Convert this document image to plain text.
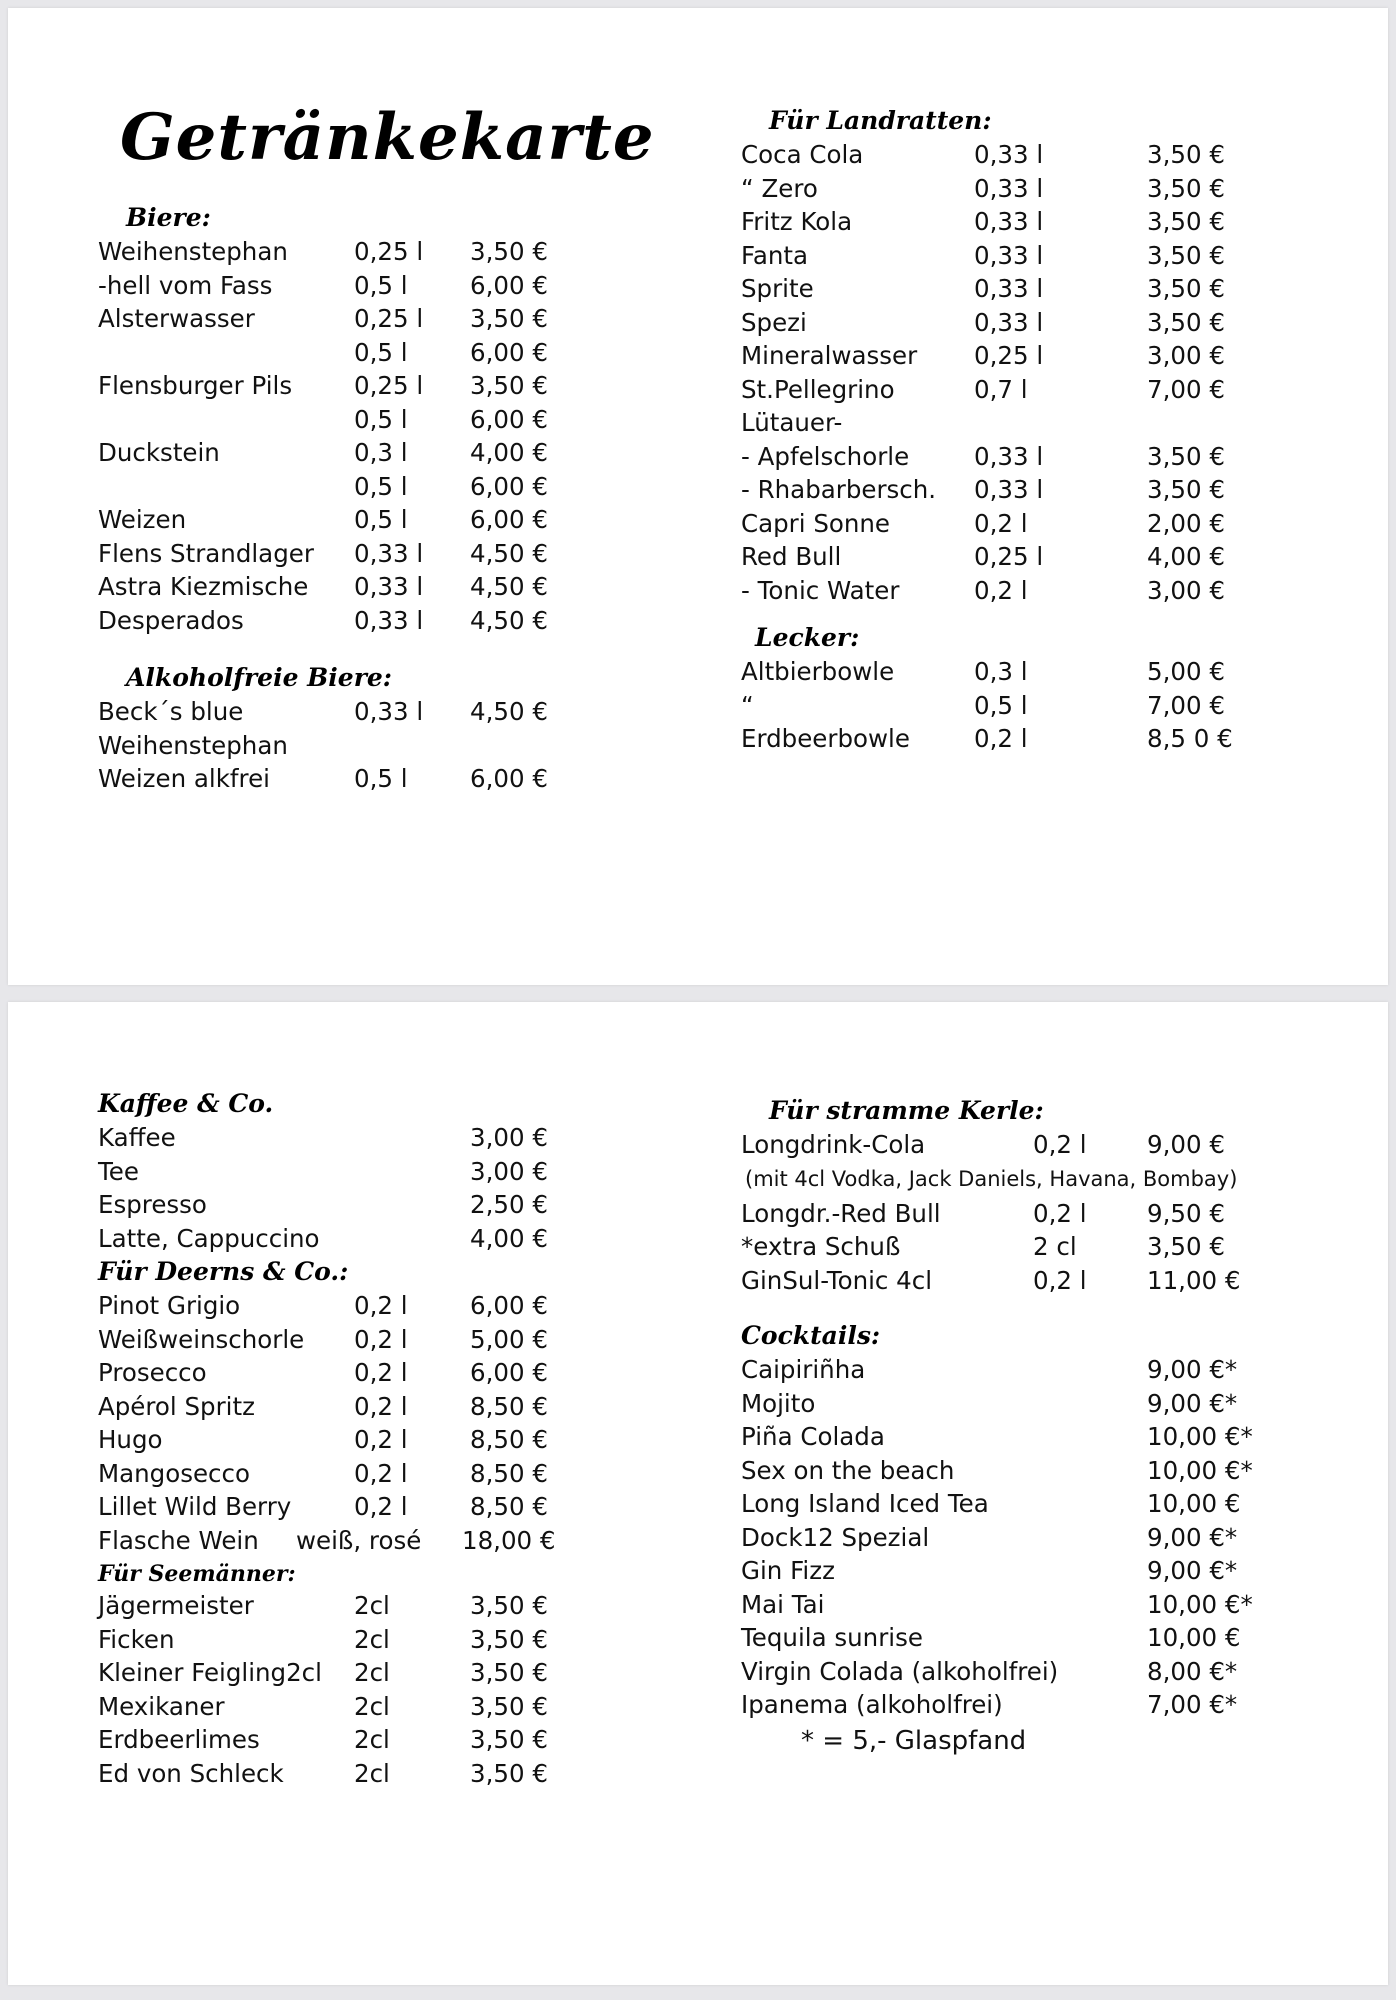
Getränkekarte
Biere:
Weihenstephan	0,25 l 3,50 €
-hell vom Fass	0,5 l	6,00 €
Alsterwasser	0,25 l 3,50 €
0,5 l	6,00 €
Flensburger Pils	0,25 l 3,50 €
0,5 l	6,00 €
Duckstein	0,3 l	4,00 €
0,5 l	6,00 €
Weizen	0,5 l	6,00 €
Flens Strandlager 0,33 l 4,50 €
Astra Kiezmische 0,33 l 4,50 €
Desperados	0,33 l 4,50 €
Alkoholfreie Biere:
Beck´s blue	0,33 l 4,50 €
Weihenstephan
Weizen alkfrei	0,5 l	6,00 €
Für Landratten:
Coca Cola	0,33 l	3,50 €
“ Zero	0,33 l	3,50 €
Fritz Kola	0,33 l	3,50 €
Fanta	0,33 l	3,50 €
Sprite	0,33 l	3,50 €
Spezi	0,33 l	3,50 €
Mineralwasser 0,25 l	3,00 €
St.Pellegrino	0,7 l	7,00 €
Lütauer-
- Apfelschorle	0,33 l	3,50 €
- Rhabarbersch. 0,33 l	3,50 €
Capri Sonne	0,2 l	2,00 €
Red Bull	0,25 l	4,00 €
- Tonic Water	0,2 l	3,00 €
Lecker:
Altbierbowle	0,3 l	5,00 €
“	0,5 l	7,00 €
Erdbeerbowle	0,2 l	8,5 0 €
Kaffee & Co.
Kaffee	3,00 €
Tee	3,00 €
Espresso	2,50 €
Latte, Cappuccino	4,00 €
Für Deerns & Co.:
Pinot Grigio	0,2 l	6,00 €
Weißweinschorle 0,2 l	5,00 €
Prosecco	0,2 l	6,00 €
Apérol Spritz	0,2 l	8,50 €
Hugo	0,2 l	8,50 €
Mangosecco	0,2 l	8,50 €
Lillet Wild Berry	0,2 l	8,50 €
Flasche Wein weiß, rosé 18,00 €
Für Seemänner:
Jägermeister	2cl	3,50 €
Ficken	2cl	3,50 €
Kleiner Feigling2cl 2cl	3,50 €
Mexikaner	2cl	3,50 €
Erdbeerlimes	2cl	3,50 €
Ed von Schleck	2cl	3,50 €
Für stramme Kerle:
Longdrink-Cola	0,2 l 9,00 €
(mit 4cl Vodka, Jack Daniels, Havana, Bombay)
Longdr.-Red Bull	0,2 l 9,50 €
*extra Schuß	2 cl	3,50 €
GinSul-Tonic 4cl	0,2 l 11,00 €
Cocktails:
Caipiriñha	9,00 €*
Mojito	9,00 €*
Piña Colada	10,00 €*
Sex on the beach	10,00 €*
Long Island Iced Tea	10,00 €
Dock12 Spezial	9,00 €*
Gin Fizz	9,00 €*
Mai Tai	10,00 €*
Tequila sunrise	10,00 €
Virgin Colada (alkoholfrei)	8,00 €*
Ipanema (alkoholfrei)	7,00 €*
* = 5,- Glaspfand
